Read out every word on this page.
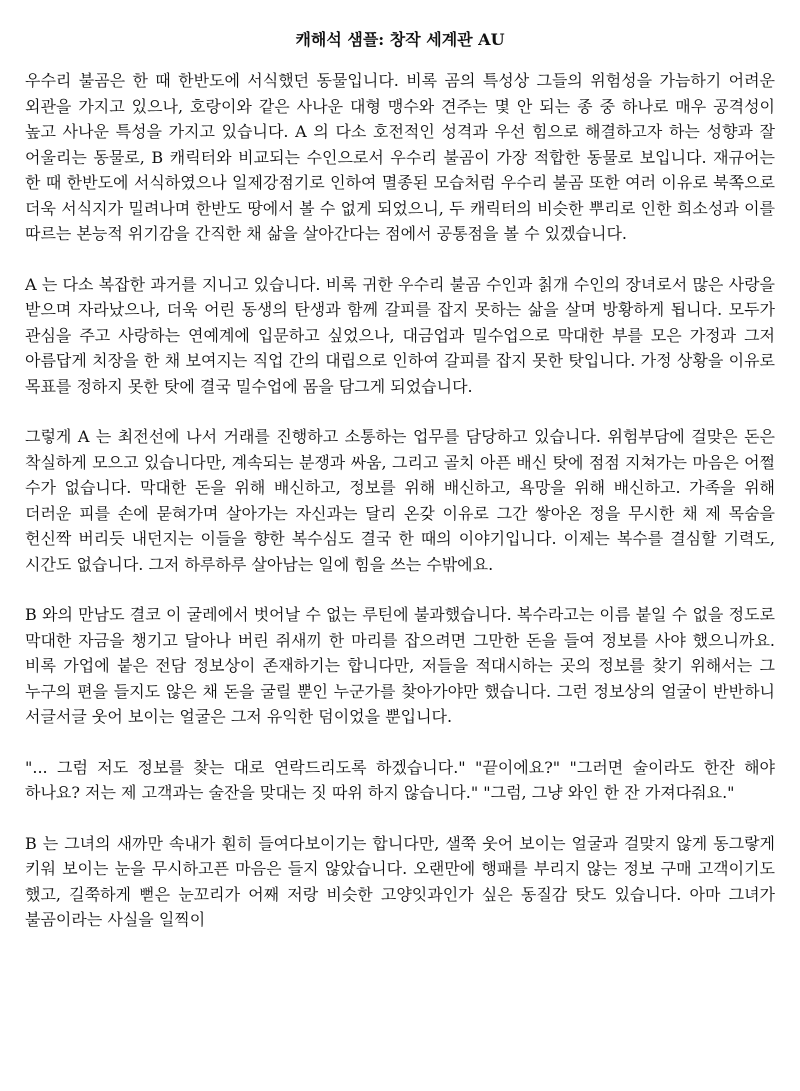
캐해석 샘플: 창작 세계관 AU

우수리 불곰은 한 때 한반도에 서식했던 동물입니다. 비록 곰의 특성상 그들의 위험성을 가늠하기 어려운 외관을 가지고 있으나, 호랑이와 같은 사나운 대형 맹수와 견주는 몇 안 되는 종 중 하나로 매우 공격성이 높고 사나운 특성을 가지고 있습니다. A 의 다소 호전적인 성격과 우선 힘으로 해결하고자 하는 성향과 잘 어울리는 동물로, B 캐릭터와 비교되는 수인으로서 우수리 불곰이 가장 적합한 동물로 보입니다. 재규어는 한 때 한반도에 서식하였으나 일제강점기로 인하여 멸종된 모습처럼 우수리 불곰 또한 여러 이유로 북쪽으로 더욱 서식지가 밀려나며 한반도 땅에서 볼 수 없게 되었으니, 두 캐릭터의 비슷한 뿌리로 인한 희소성과 이를 따르는 본능적 위기감을 간직한 채 삶을 살아간다는 점에서 공통점을 볼 수 있겠습니다.

A 는 다소 복잡한 과거를 지니고 있습니다. 비록 귀한 우수리 불곰 수인과 칡개 수인의 장녀로서 많은 사랑을 받으며 자라났으나, 더욱 어린 동생의 탄생과 함께 갈피를 잡지 못하는 삶을 살며 방황하게 됩니다. 모두가 관심을 주고 사랑하는 연예계에 입문하고 싶었으나, 대금업과 밀수업으로 막대한 부를 모은 가정과 그저 아름답게 치장을 한 채 보여지는 직업 간의 대립으로 인하여 갈피를 잡지 못한 탓입니다. 가정 상황을 이유로 목표를 정하지 못한 탓에 결국 밀수업에 몸을 담그게 되었습니다.

그렇게 A 는 최전선에 나서 거래를 진행하고 소통하는 업무를 담당하고 있습니다. 위험부담에 걸맞은 돈은 착실하게 모으고 있습니다만, 계속되는 분쟁과 싸움, 그리고 골치 아픈 배신 탓에 점점 지쳐가는 마음은 어쩔 수가 없습니다. 막대한 돈을 위해 배신하고, 정보를 위해 배신하고, 욕망을 위해 배신하고. 가족을 위해 더러운 피를 손에 묻혀가며 살아가는 자신과는 달리 온갖 이유로 그간 쌓아온 정을 무시한 채 제 목숨을 헌신짝 버리듯 내던지는 이들을 향한 복수심도 결국 한 때의 이야기입니다. 이제는 복수를 결심할 기력도, 시간도 없습니다. 그저 하루하루 살아남는 일에 힘을 쓰는 수밖에요.

B 와의 만남도 결코 이 굴레에서 벗어날 수 없는 루틴에 불과했습니다. 복수라고는 이름 붙일 수 없을 정도로 막대한 자금을 챙기고 달아나 버린 쥐새끼 한 마리를 잡으려면 그만한 돈을 들여 정보를 사야 했으니까요. 비록 가업에 붙은 전담 정보상이 존재하기는 합니다만, 저들을 적대시하는 곳의 정보를 찾기 위해서는 그 누구의 편을 들지도 않은 채 돈을 굴릴 뿐인 누군가를 찾아가야만 했습니다. 그런 정보상의 얼굴이 반반하니 서글서글 웃어 보이는 얼굴은 그저 유익한 덤이었을 뿐입니다.

"... 그럼 저도 정보를 찾는 대로 연락드리도록 하겠습니다." "끝이에요?" "그러면 술이라도 한잔 해야 하나요? 저는 제 고객과는 술잔을 맞대는 짓 따위 하지 않습니다." "그럼, 그냥 와인 한 잔 가져다줘요."

B 는 그녀의 새까만 속내가 훤히 들여다보이기는 합니다만, 샐쭉 웃어 보이는 얼굴과 걸맞지 않게 동그랗게 키워 보이는 눈을 무시하고픈 마음은 들지 않았습니다. 오랜만에 행패를 부리지 않는 정보 구매 고객이기도 했고, 길쭉하게 뻗은 눈꼬리가 어째 저랑 비슷한 고양잇과인가 싶은 동질감 탓도 있습니다. 아마 그녀가 불곰이라는 사실을 일찍이
